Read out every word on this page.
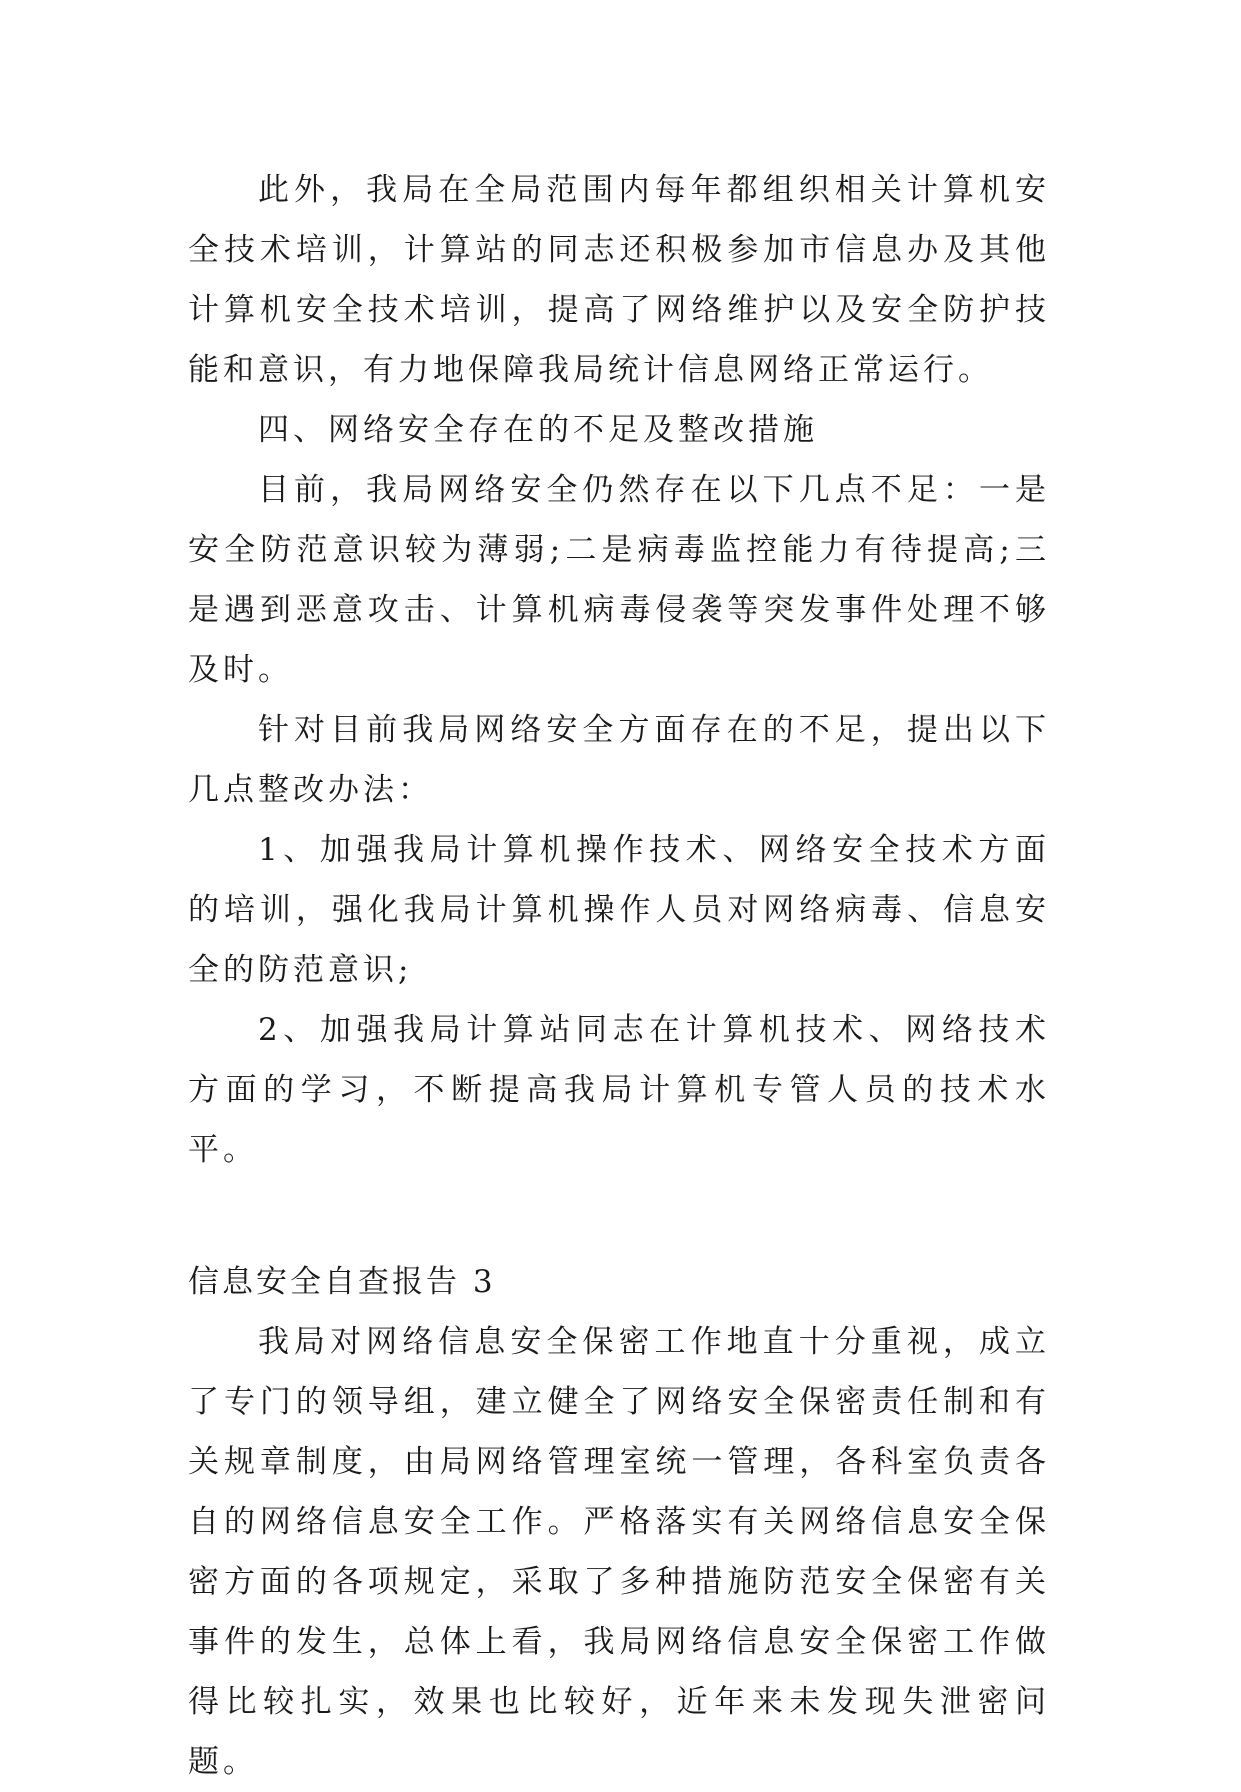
此外，我局在全局范围内每年都组织相关计算机安全技术培训，计算站的同志还积极参加市信息办及其他计算机安全技术培训，提高了网络维护以及安全防护技能和意识，有力地保障我局统计信息网络正常运行。

四、网络安全存在的不足及整改措施

目前，我局网络安全仍然存在以下几点不足：一是安全防范意识较为薄弱;二是病毒监控能力有待提高;三是遇到恶意攻击、计算机病毒侵袭等突发事件处理不够及时。

针对目前我局网络安全方面存在的不足，提出以下几点整改办法：

1、加强我局计算机操作技术、网络安全技术方面的培训，强化我局计算机操作人员对网络病毒、信息安全的防范意识;

2、加强我局计算站同志在计算机技术、网络技术方面的学习，不断提高我局计算机专管人员的技术水平。

信息安全自查报告 3

我局对网络信息安全保密工作地直十分重视，成立了专门的领导组，建立健全了网络安全保密责任制和有关规章制度，由局网络管理室统一管理，各科室负责各自的网络信息安全工作。严格落实有关网络信息安全保密方面的各项规定，采取了多种措施防范安全保密有关事件的发生，总体上看，我局网络信息安全保密工作做得比较扎实，效果也比较好，近年来未发现失泄密问题。
